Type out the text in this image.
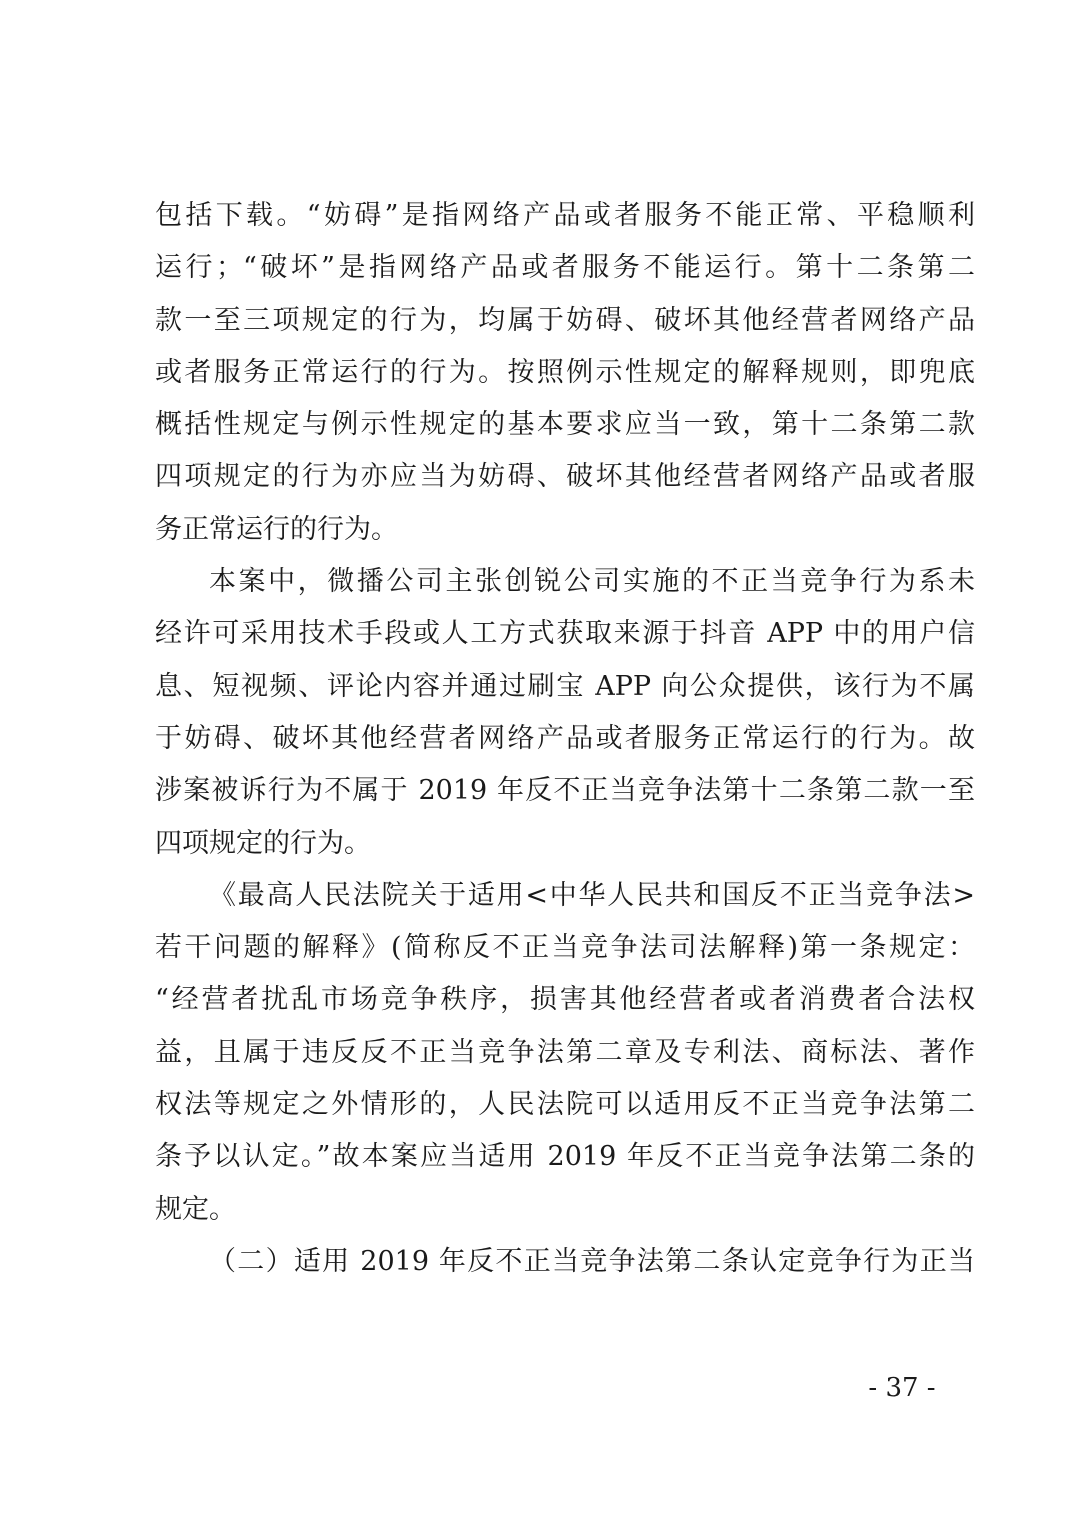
包括下载。“妨碍”是指网络产品或者服务不能正常、平稳顺利
运行；“破坏”是指网络产品或者服务不能运行。第十二条第二
款一至三项规定的行为，均属于妨碍、破坏其他经营者网络产品
或者服务正常运行的行为。按照例示性规定的解释规则，即兜底
概括性规定与例示性规定的基本要求应当一致，第十二条第二款
四项规定的行为亦应当为妨碍、破坏其他经营者网络产品或者服
务正常运行的行为。
本案中，微播公司主张创锐公司实施的不正当竞争行为系未
经许可采用技术手段或人工方式获取来源于抖音 APP 中的用户信
息、短视频、评论内容并通过刷宝 APP 向公众提供，该行为不属
于妨碍、破坏其他经营者网络产品或者服务正常运行的行为。故
涉案被诉行为不属于 2019 年反不正当竞争法第十二条第二款一至
四项规定的行为。
《最高人民法院关于适用<中华人民共和国反不正当竞争法>
若干问题的解释》(简称反不正当竞争法司法解释)第一条规定：
“经营者扰乱市场竞争秩序，损害其他经营者或者消费者合法权
益，且属于违反反不正当竞争法第二章及专利法、商标法、著作
权法等规定之外情形的，人民法院可以适用反不正当竞争法第二
条予以认定。”故本案应当适用 2019 年反不正当竞争法第二条的
规定。
（二）适用 2019 年反不正当竞争法第二条认定竞争行为正当
- 37 -
